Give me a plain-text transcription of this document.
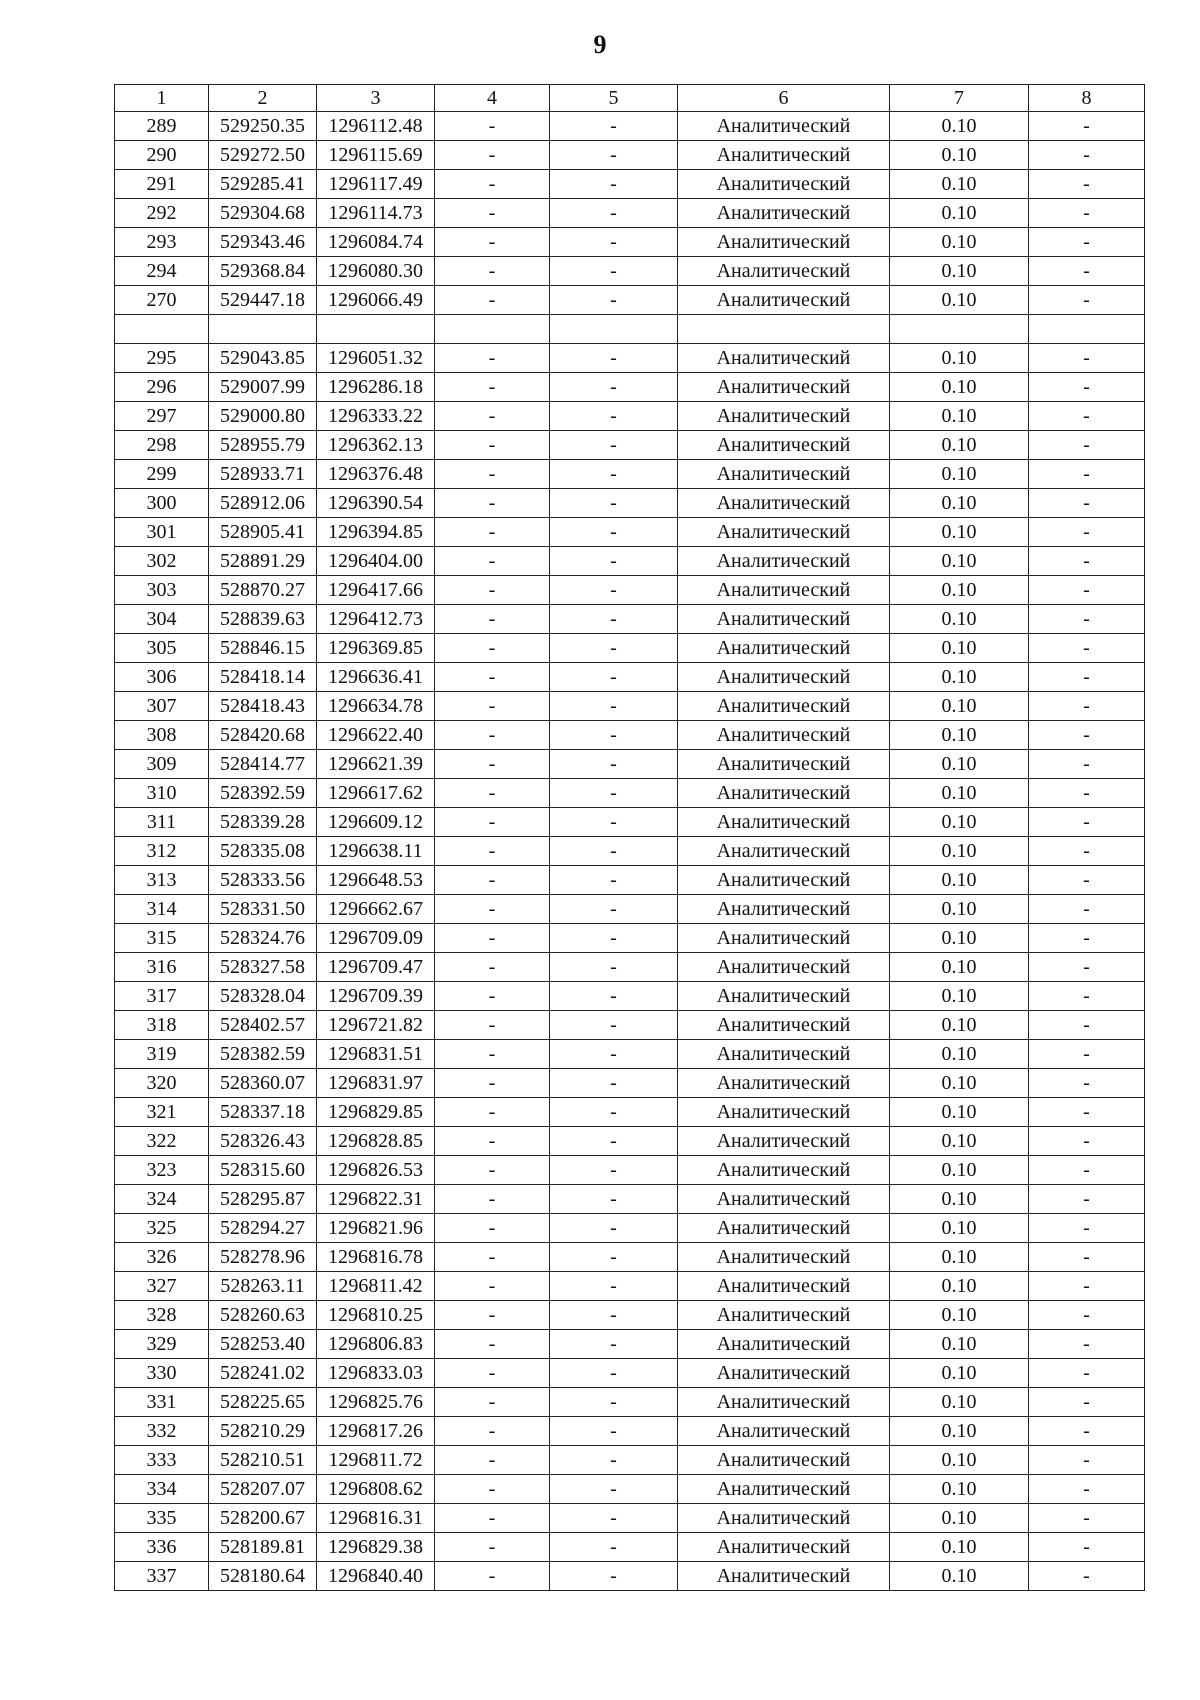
9
1	2	3	4	5	6	7	8
289	529250.35	1296112.48	-	-	Аналитический	0.10	-
290	529272.50	1296115.69	-	-	Аналитический	0.10	-
291	529285.41	1296117.49	-	-	Аналитический	0.10	-
292	529304.68	1296114.73	-	-	Аналитический	0.10	-
293	529343.46	1296084.74	-	-	Аналитический	0.10	-
294	529368.84	1296080.30	-	-	Аналитический	0.10	-
270	529447.18	1296066.49	-	-	Аналитический	0.10	-

295	529043.85	1296051.32	-	-	Аналитический	0.10	-
296	529007.99	1296286.18	-	-	Аналитический	0.10	-
297	529000.80	1296333.22	-	-	Аналитический	0.10	-
298	528955.79	1296362.13	-	-	Аналитический	0.10	-
299	528933.71	1296376.48	-	-	Аналитический	0.10	-
300	528912.06	1296390.54	-	-	Аналитический	0.10	-
301	528905.41	1296394.85	-	-	Аналитический	0.10	-
302	528891.29	1296404.00	-	-	Аналитический	0.10	-
303	528870.27	1296417.66	-	-	Аналитический	0.10	-
304	528839.63	1296412.73	-	-	Аналитический	0.10	-
305	528846.15	1296369.85	-	-	Аналитический	0.10	-
306	528418.14	1296636.41	-	-	Аналитический	0.10	-
307	528418.43	1296634.78	-	-	Аналитический	0.10	-
308	528420.68	1296622.40	-	-	Аналитический	0.10	-
309	528414.77	1296621.39	-	-	Аналитический	0.10	-
310	528392.59	1296617.62	-	-	Аналитический	0.10	-
311	528339.28	1296609.12	-	-	Аналитический	0.10	-
312	528335.08	1296638.11	-	-	Аналитический	0.10	-
313	528333.56	1296648.53	-	-	Аналитический	0.10	-
314	528331.50	1296662.67	-	-	Аналитический	0.10	-
315	528324.76	1296709.09	-	-	Аналитический	0.10	-
316	528327.58	1296709.47	-	-	Аналитический	0.10	-
317	528328.04	1296709.39	-	-	Аналитический	0.10	-
318	528402.57	1296721.82	-	-	Аналитический	0.10	-
319	528382.59	1296831.51	-	-	Аналитический	0.10	-
320	528360.07	1296831.97	-	-	Аналитический	0.10	-
321	528337.18	1296829.85	-	-	Аналитический	0.10	-
322	528326.43	1296828.85	-	-	Аналитический	0.10	-
323	528315.60	1296826.53	-	-	Аналитический	0.10	-
324	528295.87	1296822.31	-	-	Аналитический	0.10	-
325	528294.27	1296821.96	-	-	Аналитический	0.10	-
326	528278.96	1296816.78	-	-	Аналитический	0.10	-
327	528263.11	1296811.42	-	-	Аналитический	0.10	-
328	528260.63	1296810.25	-	-	Аналитический	0.10	-
329	528253.40	1296806.83	-	-	Аналитический	0.10	-
330	528241.02	1296833.03	-	-	Аналитический	0.10	-
331	528225.65	1296825.76	-	-	Аналитический	0.10	-
332	528210.29	1296817.26	-	-	Аналитический	0.10	-
333	528210.51	1296811.72	-	-	Аналитический	0.10	-
334	528207.07	1296808.62	-	-	Аналитический	0.10	-
335	528200.67	1296816.31	-	-	Аналитический	0.10	-
336	528189.81	1296829.38	-	-	Аналитический	0.10	-
337	528180.64	1296840.40	-	-	Аналитический	0.10	-
